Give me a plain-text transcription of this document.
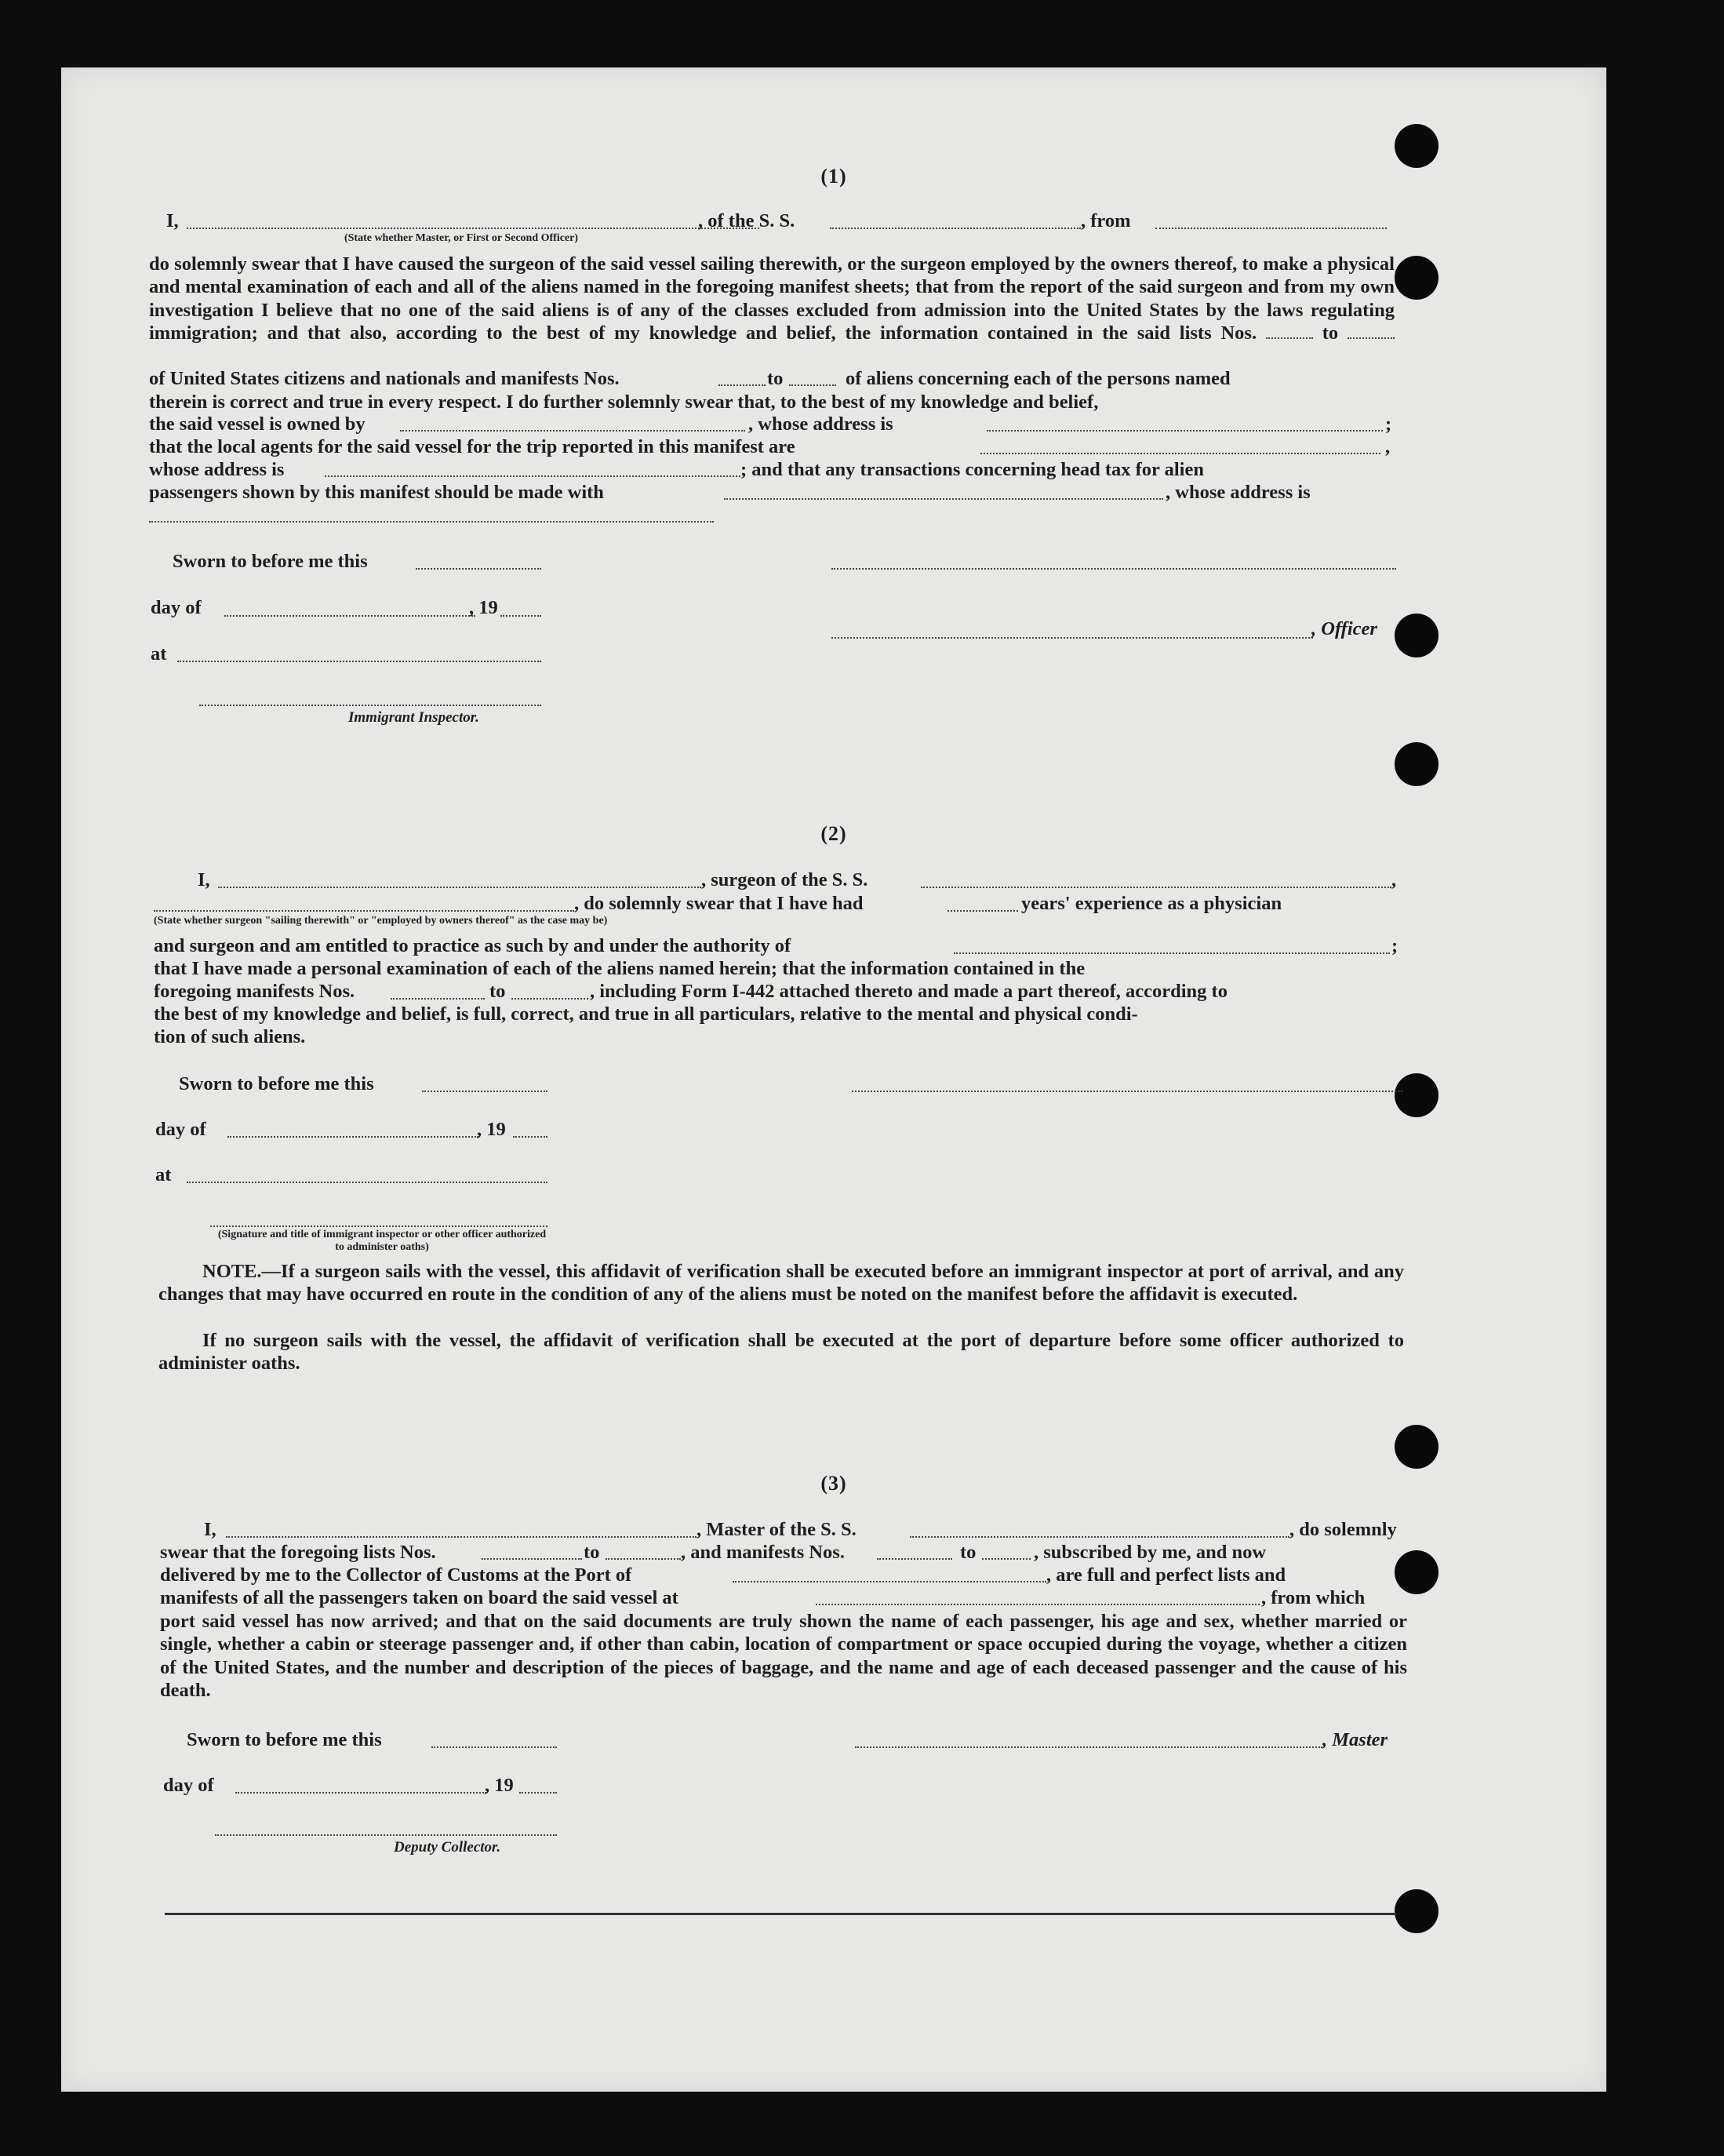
(1)
I,	, of the S. S.	, from
(State whether Master, or First or Second Officer)
do solemnly swear that I have caused the surgeon of the said vessel sailing therewith, or the surgeon employed by the owners thereof, to make a physical and mental examination of each and all of the aliens named in the foregoing manifest sheets; that from the report of the said surgeon and from my own investigation I believe that no one of the said aliens is of any of the classes excluded from admission into the United States by the laws regulating immigration; and that also, according to the best of my knowledge and belief, the information contained in the said lists Nos.	to
of United States citizens and nationals and manifests Nos.	to	of aliens concerning each of the persons named
therein is correct and true in every respect. I do further solemnly swear that, to the best of my knowledge and belief,
the said vessel is owned by	, whose address is	;
that the local agents for the said vessel for the trip reported in this manifest are	,
whose address is	; and that any transactions concerning head tax for alien
passengers shown by this manifest should be made with	, whose address is
Sworn to before me this
day of	, 19
, Officer
at
Immigrant Inspector.
(2)
I,	, surgeon of the S. S.	,
, do solemnly swear that I have had	years' experience as a physician
(State whether surgeon "sailing therewith" or "employed by owners thereof" as the case may be)
and surgeon and am entitled to practice as such by and under the authority of	;
that I have made a personal examination of each of the aliens named herein; that the information contained in the
foregoing manifests Nos.	to	, including Form I-442 attached thereto and made a part thereof, according to
the best of my knowledge and belief, is full, correct, and true in all particulars, relative to the mental and physical condi-
tion of such aliens.
Sworn to before me this
day of	, 19
at
(Signature and title of immigrant inspector or other officer authorized to administer oaths)
NOTE.—If a surgeon sails with the vessel, this affidavit of verification shall be executed before an immigrant inspector at port of arrival, and any changes that may have occurred en route in the condition of any of the aliens must be noted on the manifest before the affidavit is executed.
If no surgeon sails with the vessel, the affidavit of verification shall be executed at the port of departure before some officer authorized to administer oaths.
(3)
I,	, Master of the S. S.	, do solemnly
swear that the foregoing lists Nos.	to	, and manifests Nos.	to	, subscribed by me, and now
delivered by me to the Collector of Customs at the Port of	, are full and perfect lists and
manifests of all the passengers taken on board the said vessel at	, from which
port said vessel has now arrived; and that on the said documents are truly shown the name of each passenger, his age and sex, whether married or single, whether a cabin or steerage passenger and, if other than cabin, location of compartment or space occupied during the voyage, whether a citizen of the United States, and the number and description of the pieces of baggage, and the name and age of each deceased passenger and the cause of his death.
Sworn to before me this	, Master
day of	, 19
Deputy Collector.
